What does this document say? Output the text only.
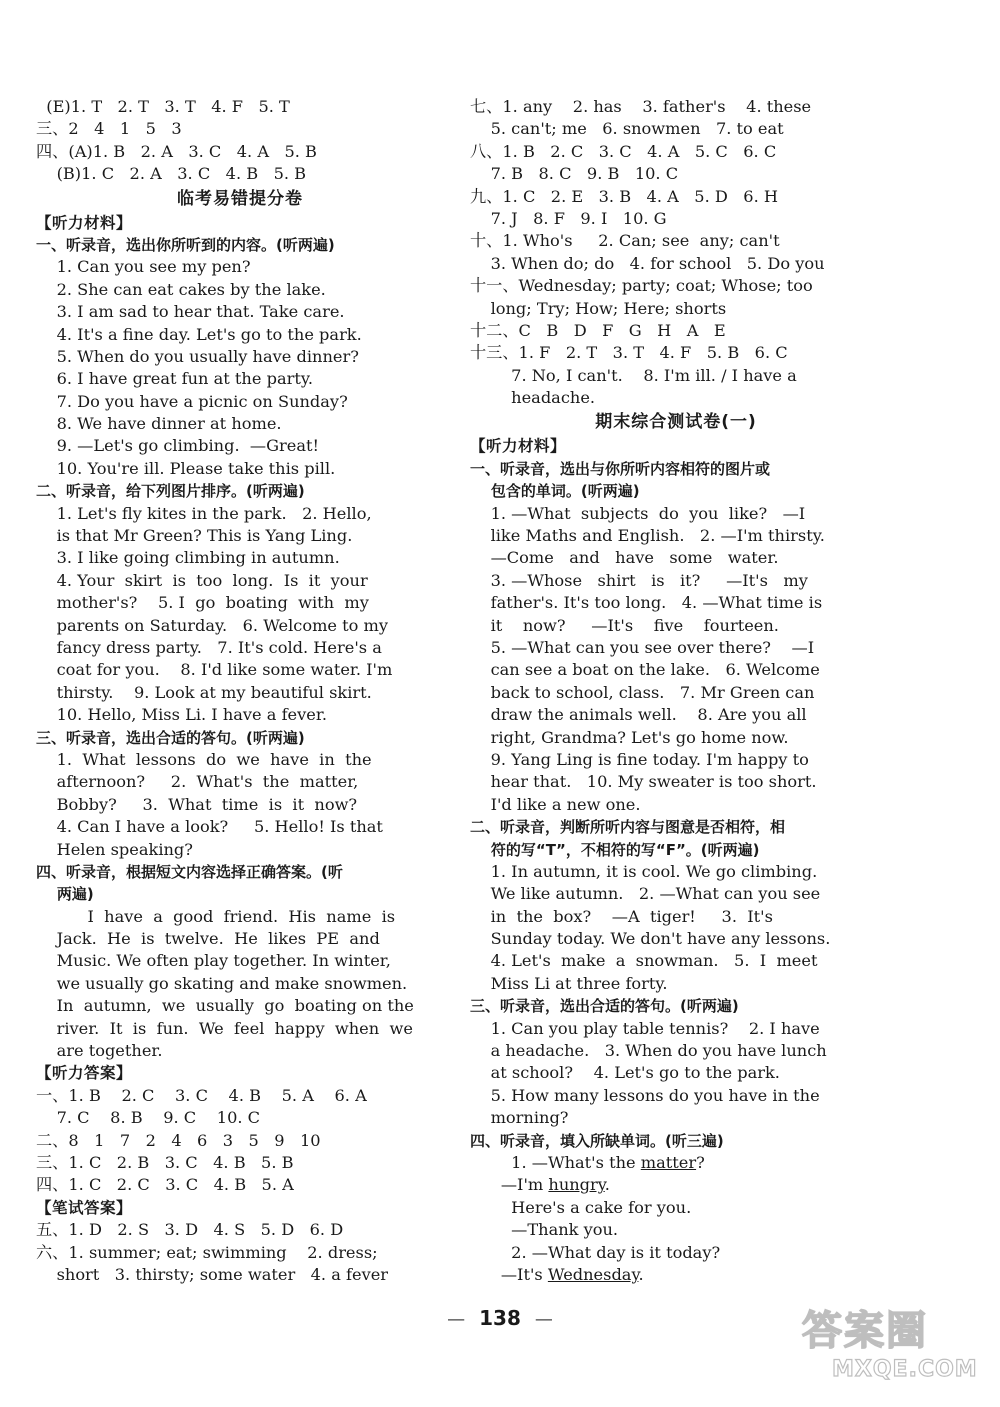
(E)1. T   2. T   3. T   4. F   5. T
三、2   4   1   5   3
四、(A)1. B   2. A   3. C   4. A   5. B
(B)1. C   2. A   3. C   4. B   5. B
临考易错提分卷
【听力材料】
一、听录音，选出你所听到的内容。(听两遍)
1. Can you see my pen?
2. She can eat cakes by the lake.
3. I am sad to hear that. Take care.
4. It's a fine day. Let's go to the park.
5. When do you usually have dinner?
6. I have great fun at the party.
7. Do you have a picnic on Sunday?
8. We have dinner at home.
9. —Let's go climbing.  —Great!
10. You're ill. Please take this pill.
二、听录音，给下列图片排序。(听两遍)
1. Let's fly kites in the park.   2. Hello,
is that Mr Green? This is Yang Ling.
3. I like going climbing in autumn.
4. Your  skirt  is  too  long.  Is  it  your
mother's?    5. I  go  boating  with  my
parents on Saturday.   6. Welcome to my
fancy dress party.   7. It's cold. Here's a
coat for you.    8. I'd like some water. I'm
thirsty.    9. Look at my beautiful skirt.
10. Hello, Miss Li. I have a fever.
三、听录音，选出合适的答句。(听两遍)
1.  What  lessons  do  we  have  in  the
afternoon?     2.  What's  the  matter,
Bobby?     3.  What  time  is  it  now?
4. Can I have a look?     5. Hello! Is that
Helen speaking?
四、听录音，根据短文内容选择正确答案。(听
两遍)
I  have  a  good  friend.  His  name  is
Jack.  He  is  twelve.  He  likes  PE  and
Music. We often play together. In winter,
we usually go skating and make snowmen.
In  autumn,  we  usually  go  boating on the
river.  It  is  fun.  We  feel  happy  when  we
are together.
【听力答案】
一、1. B    2. C    3. C    4. B    5. A    6. A
7. C    8. B    9. C    10. C
二、8   1   7   2   4   6   3   5   9   10
三、1. C   2. B   3. C   4. B   5. B
四、1. C   2. C   3. C   4. B   5. A
【笔试答案】
五、1. D   2. S   3. D   4. S   5. D   6. D
六、1. summer; eat; swimming    2. dress;
short   3. thirsty; some water   4. a fever
七、1. any    2. has    3. father's    4. these
5. can't; me   6. snowmen   7. to eat
八、1. B   2. C   3. C   4. A   5. C   6. C
7. B   8. C   9. B   10. C
九、1. C   2. E   3. B   4. A   5. D   6. H
7. J   8. F   9. I   10. G
十、1. Who's     2. Can; see  any; can't
3. When do; do   4. for school   5. Do you
十一、Wednesday; party; coat; Whose; too
long; Try; How; Here; shorts
十二、C   B   D   F   G   H   A   E
十三、1. F   2. T   3. T   4. F   5. B   6. C
7. No, I can't.    8. I'm ill. / I have a
headache.
期末综合测试卷(一)
【听力材料】
一、听录音，选出与你所听内容相符的图片或
包含的单词。(听两遍)
1. —What  subjects  do  you  like?   —I
like Maths and English.   2. —I'm thirsty.
—Come   and   have   some   water.
3. —Whose   shirt   is   it?     —It's   my
father's. It's too long.   4. —What time is
it    now?     —It's    five    fourteen.
5. —What can you see over there?    —I
can see a boat on the lake.   6. Welcome
back to school, class.   7. Mr Green can
draw the animals well.    8. Are you all
right, Grandma? Let's go home now.
9. Yang Ling is fine today. I'm happy to
hear that.   10. My sweater is too short.
I'd like a new one.
二、听录音，判断所听内容与图意是否相符，相
符的写“T”，不相符的写“F”。(听两遍)
1. In autumn, it is cool. We go climbing.
We like autumn.   2. —What can you see
in  the  box?    —A  tiger!     3.  It's
Sunday today. We don't have any lessons.
4. Let's  make  a  snowman.   5.  I  meet
Miss Li at three forty.
三、听录音，选出合适的答句。(听两遍)
1. Can you play table tennis?    2. I have
a headache.   3. When do you have lunch
at school?    4. Let's go to the park.
5. How many lessons do you have in the
morning?
四、听录音，填入所缺单词。(听三遍)
1. —What's the matter?
—I'm hungry.
Here's a cake for you.
—Thank you.
2. —What day is it today?
—It's Wednesday.
— 138 —	答案圈
MXQE.COM
